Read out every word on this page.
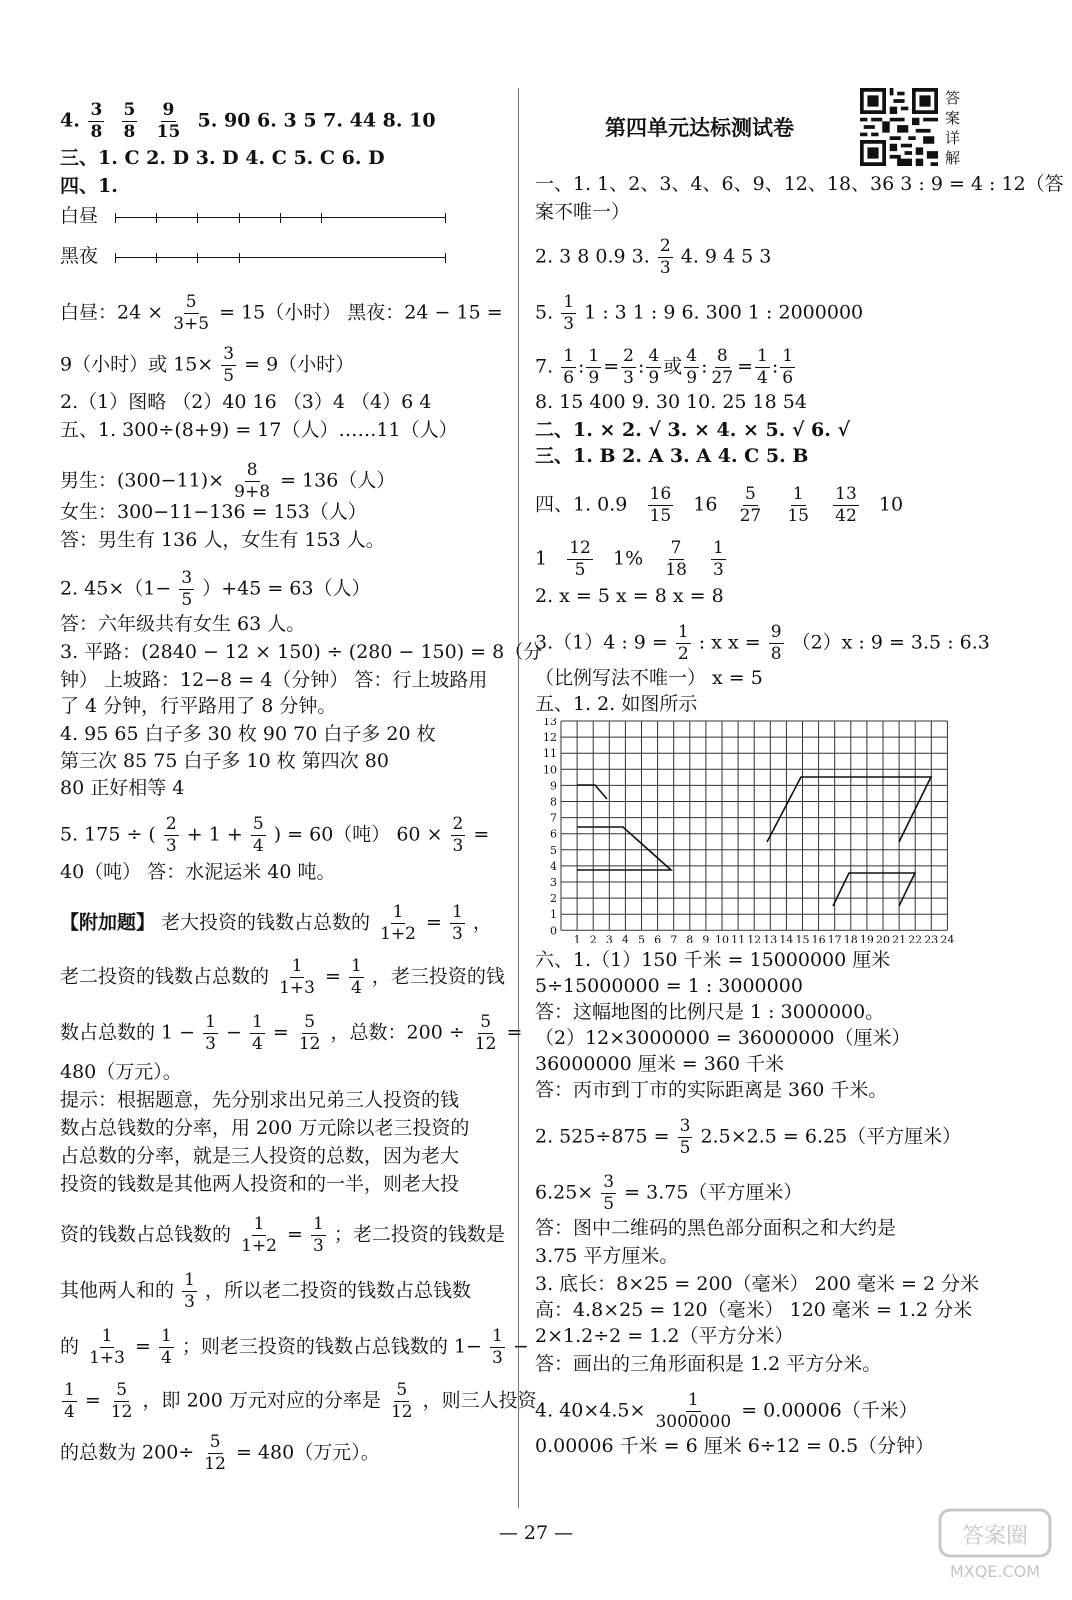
4. $\frac{3}{8}$
$\frac{5}{8}$
$\frac{9}{15} 5$. 90 6. 3 5 7. 44 8. 10

三、1. C 2. D 3. D 4. C 5. C 6. D

四、1.

白昼
黑夜
白昼：$24 \times \frac{5}{3+5} = 15$（小时） 黑夜：24 − 15 =
9（小时）或 $15\times \frac{3}{5} = 9$（小时）

2.（1）图略 （2）40 16 （3）4 （4）6 4

五、1. 300÷(8+9) = 17（人）……11（人）

男生：$(300-11)\times \frac{8}{9+8} = 136$（人）

女生：300−11−136 = 153（人）

答：男生有 136 人，女生有 153 人。

2. $45\times(1- \frac{3}{5} )+45 = 63$（人）

答：六年级共有女生 63 人。

3. 平路：(2840 − 12 × 150) ÷ (280 − 150) = 8（分

钟） 上坡路：12−8 = 4（分钟） 答：行上坡路用

了 4 分钟，行平路用了 8 分钟。

4. 95 65 白子多 30 枚 90 70 白子多 20 枚

第三次 85 75 白子多 10 枚 第四次 80

80 正好相等 4

5. 175 ÷ ( $\frac{2}{3} + 1 + \frac{5}{4}$ ) = 60（吨） $60 \times \frac{2}{3}$ =

40（吨） 答：水泥运米 40 吨。

【附加题】 老大投资的钱数占总数的 $\frac{1}{1+2} = \frac{1}{3}$ ，
老二投资的钱数占总数的 $\frac{1}{1+3} = \frac{1}{4}$ ，老三投资的钱
数占总数的 $1 - \frac{1}{3} - \frac{1}{4} = \frac{5}{12}$ ，总数：$200 \div \frac{5}{12}$ =

480（万元）。

提示：根据题意，先分别求出兄弟三人投资的钱

数占总钱数的分率，用 200 万元除以老三投资的

占总数的分率，就是三人投资的总数，因为老大

投资的钱数是其他两人投资和的一半，则老大投

资的钱数占总钱数的 $\frac{1}{1+2} = \frac{1}{3}$ ；老二投资的钱数是
其他两人和的 $\frac{1}{3}$ ，所以老二投资的钱数占总钱数
的 $\frac{1}{1+3} = \frac{1}{4}$ ；则老三投资的钱数占总钱数的 $1- \frac{1}{3}$ −
$\frac{1}{4} = \frac{5}{12}$ ，即 200 万元对应的分率是 $\frac{5}{12}$ ，则三人投资
的总数为 $200\div \frac{5}{12} = 480$（万元）。
答案详解
第四单元达标测试卷

一、1. 1、2、3、4、6、9、12、18、36 3 : 9 = 4 : 12（答

案不唯一）

2. 3 8 0.9 3. $\frac{2}{3} 4$. 9 4 5 3
5. $\frac{1}{3} 1$ : 3 1 : 9 6. 300 1 : 2000000
7. $\frac{1}{6}$ : $\frac{1}{9} = \frac{2}{3}$ : $\frac{4}{9}$ 或 $\frac{4}{9}$ : $\frac{8}{27} = \frac{1}{4}$ : $\frac{1}{6}$

8. 15 400 9. 30 10. 25 18 54

二、1. × 2. √ 3. × 4. × 5. √ 6. √

三、1. B 2. A 3. A 4. C 5. B

四、1. $0.9 \frac{16}{15} 16 \frac{5}{27}$
$\frac{1}{15}$
$\frac{13}{42} 10$
$1 \frac{12}{5} 1\% \frac{7}{18}$
$\frac{1}{3}$

2. x = 5 x = 8 x = 8

3.（1）4 : $9 = \frac{1}{2}$ : x $x = \frac{9}{8} (2)x$ : 9 = 3.5 : 6.3

（比例写法不唯一） x = 5

五、1. 2. 如图所示

13
12
11
10
9
8
7
6
5
4
3
2
1
0
1 2 3 4 5 6 7 8 9 10 11 12 13 14 15 16 17 18 19 20 21 22 23 24

六、1.（1）150 千米 = 15000000 厘米

5÷15000000 = 1 : 3000000

答：这幅地图的比例尺是 1 : 3000000。

（2）12×3000000 = 36000000（厘米）

36000000 厘米 = 360 千米

答：丙市到丁市的实际距离是 360 千米。

2. $525\div 875 = \frac{3}{5} 2.5\times 2.5 = 6.25$（平方厘米）
$6.25\times \frac{3}{5} = 3.75$（平方厘米）

答：图中二维码的黑色部分面积之和大约是

3.75 平方厘米。

3. 底长：8×25 = 200（毫米） 200 毫米 = 2 分米

高：4.8×25 = 120（毫米） 120 毫米 = 1.2 分米

2×1.2÷2 = 1.2（平方分米）

答：画出的三角形面积是 1.2 平方分米。

4. $40\times 4.5\times \frac{1}{3000000} = 0.00006$（千米）

0.00006 千米 = 6 厘米 6÷12 = 0.5（分钟）

— 27 —	答案圈
MXQE.COM
